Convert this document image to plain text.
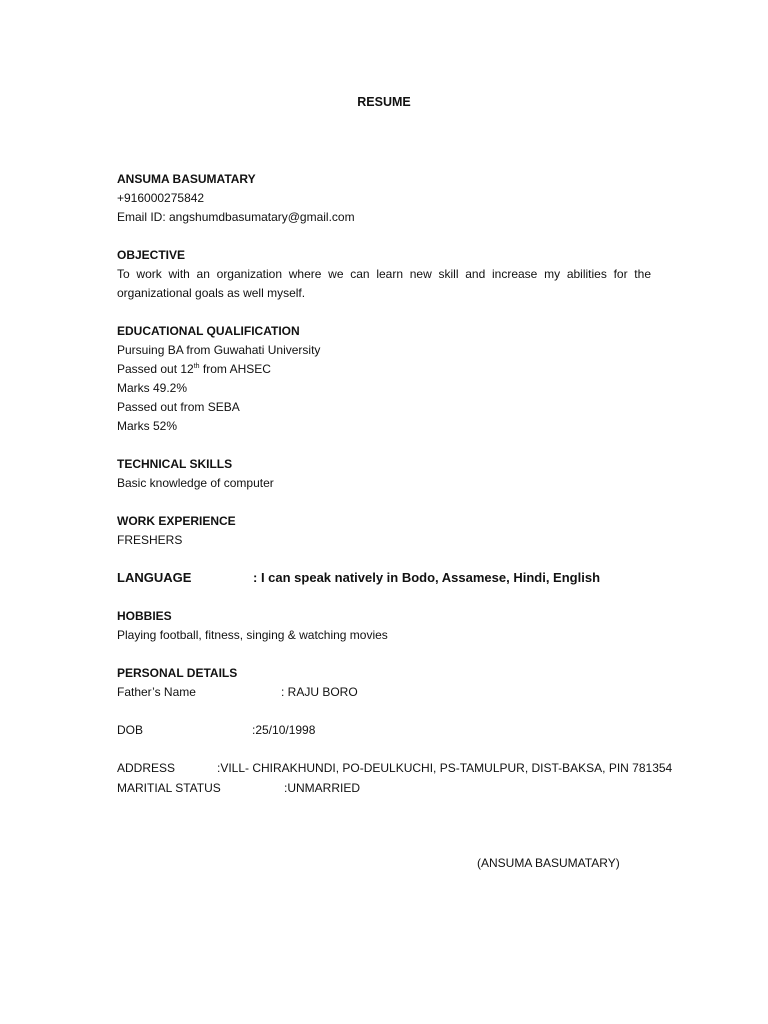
RESUME
ANSUMA BASUMATARY
+916000275842
Email ID: angshumdbasumatary@gmail.com
OBJECTIVE
To work with an organization where we can learn new skill and increase my abilities for the organizational goals as well myself.
EDUCATIONAL QUALIFICATION
Pursuing BA from Guwahati University
Passed out 12th from AHSEC
Marks 49.2%
Passed out from SEBA
Marks 52%
TECHNICAL SKILLS
Basic knowledge of computer
WORK EXPERIENCE
FRESHERS
LANGUAGE	: I can speak natively in Bodo, Assamese, Hindi, English
HOBBIES
Playing football, fitness, singing & watching movies
PERSONAL DETAILS
Father’s Name	: RAJU BORO
DOB	:25/10/1998
ADDRESS	:VILL- CHIRAKHUNDI, PO-DEULKUCHI, PS-TAMULPUR, DIST-BAKSA, PIN 781354
MARITIAL STATUS	:UNMARRIED
(ANSUMA BASUMATARY)
